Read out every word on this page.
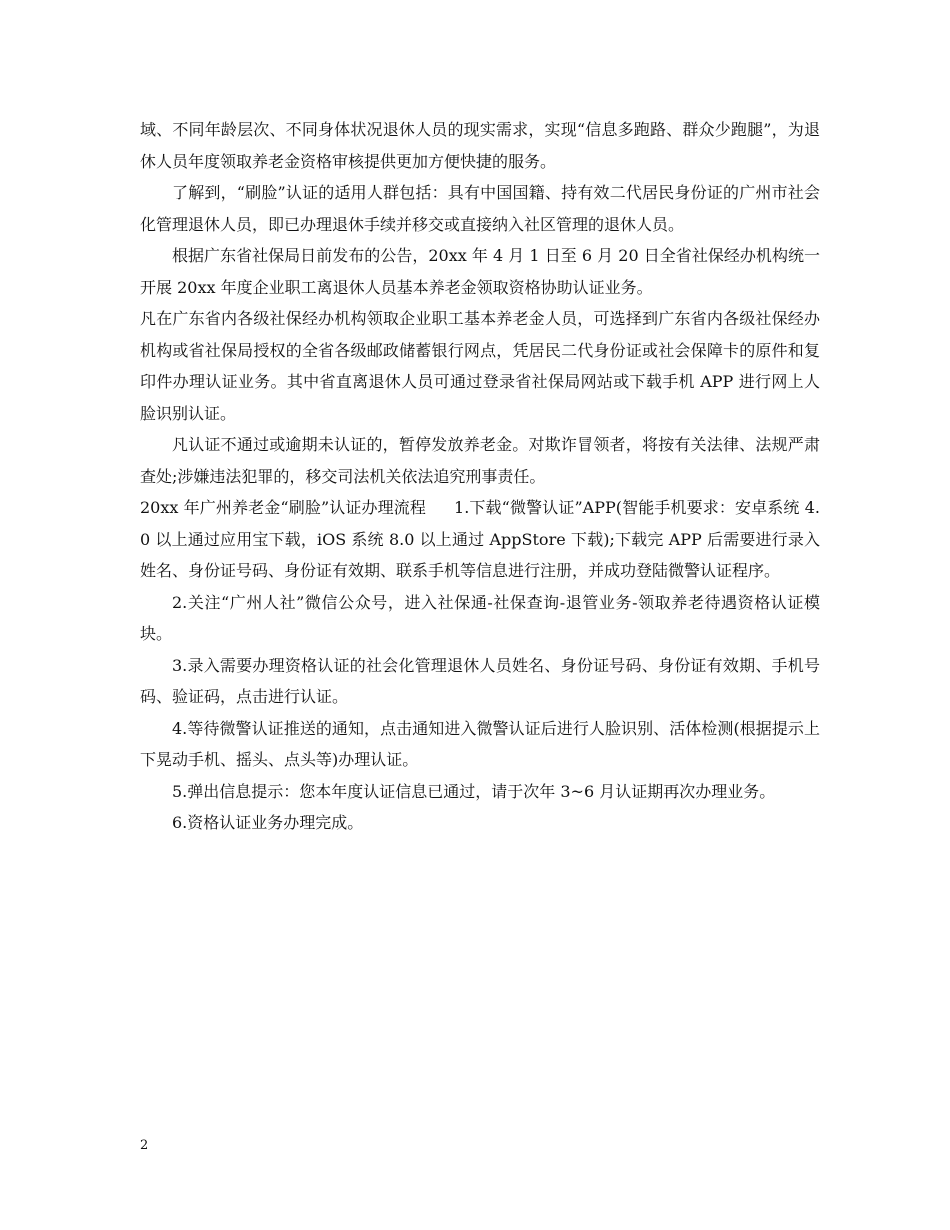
域、不同年龄层次、不同身体状况退休人员的现实需求，实现“信息多跑路、群众少跑腿”，为退休人员年度领取养老金资格审核提供更加方便快捷的服务。

了解到，“刷脸”认证的适用人群包括：具有中国国籍、持有效二代居民身份证的广州市社会化管理退休人员，即已办理退休手续并移交或直接纳入社区管理的退休人员。

根据广东省社保局日前发布的公告，20xx 年 4 月 1 日至 6 月 20 日全省社保经办机构统一开展 20xx 年度企业职工离退休人员基本养老金领取资格协助认证业务。

凡在广东省内各级社保经办机构领取企业职工基本养老金人员，可选择到广东省内各级社保经办机构或省社保局授权的全省各级邮政储蓄银行网点，凭居民二代身份证或社会保障卡的原件和复印件办理认证业务。其中省直离退休人员可通过登录省社保局网站或下载手机 APP 进行网上人脸识别认证。

凡认证不通过或逾期未认证的，暂停发放养老金。对欺诈冒领者，将按有关法律、法规严肃查处;涉嫌违法犯罪的，移交司法机关依法追究刑事责任。

20xx 年广州养老金“刷脸”认证办理流程 1.下载“微警认证”APP(智能手机要求：安卓系统 4.0 以上通过应用宝下载，iOS 系统 8.0 以上通过 AppStore 下载);下载完 APP 后需要进行录入姓名、身份证号码、身份证有效期、联系手机等信息进行注册，并成功登陆微警认证程序。

2.关注“广州人社”微信公众号，进入社保通-社保查询-退管业务-领取养老待遇资格认证模块。

3.录入需要办理资格认证的社会化管理退休人员姓名、身份证号码、身份证有效期、手机号码、验证码，点击进行认证。

4.等待微警认证推送的通知，点击通知进入微警认证后进行人脸识别、活体检测(根据提示上下晃动手机、摇头、点头等)办理认证。

5.弹出信息提示：您本年度认证信息已通过，请于次年 3~6 月认证期再次办理业务。

6.资格认证业务办理完成。

2
